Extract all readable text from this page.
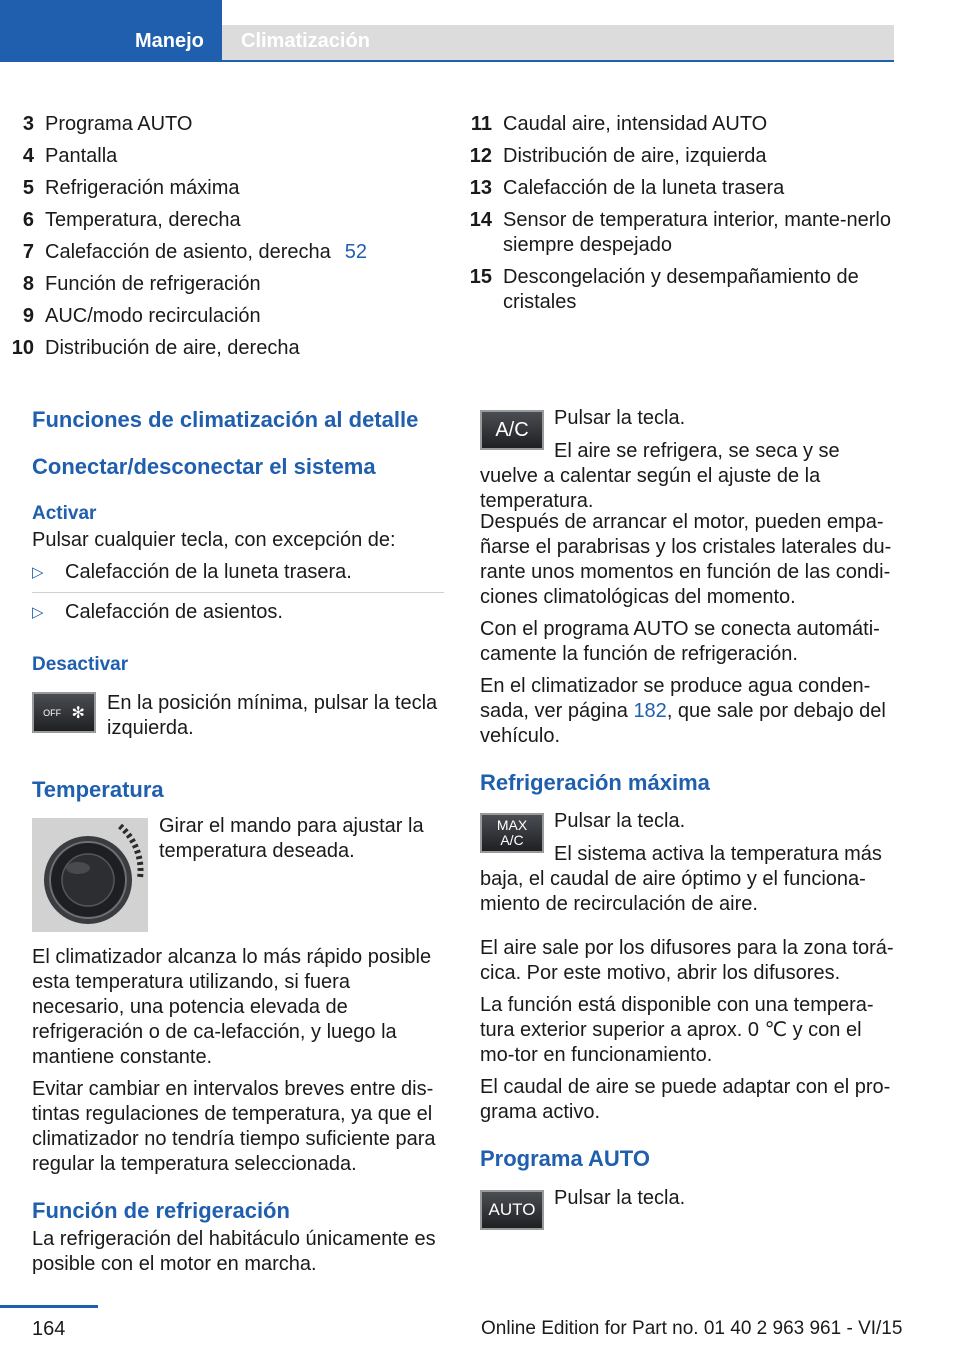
Manejo Climatización
3 Programa AUTO
4 Pantalla
5 Refrigeración máxima
6 Temperatura, derecha
7 Calefacción de asiento, derecha 52
8 Función de refrigeración
9 AUC/modo recirculación
10 Distribución de aire, derecha
11 Caudal aire, intensidad AUTO
12 Distribución de aire, izquierda
13 Calefacción de la luneta trasera
14 Sensor de temperatura interior, mante-nerlo siempre despejado
15 Descongelación y desempañamiento de cristales
Funciones de climatización al detalle
Conectar/desconectar el sistema
Activar

Pulsar cualquier tecla, con excepción de:

▷	Calefacción de la luneta trasera.
▷	Calefacción de asientos.
Desactivar
OFF ✻ En la posición mínima, pulsar la tecla izquierda.

Temperatura

Girar el mando para ajustar la temperatura deseada.

El climatizador alcanza lo más rápido posible esta temperatura utilizando, si fuera necesario, una potencia elevada de refrigeración o de ca-lefacción, y luego la mantiene constante.

Evitar cambiar en intervalos breves entre dis-tintas regulaciones de temperatura, ya que el climatizador no tendría tiempo suficiente para regular la temperatura seleccionada.

Función de refrigeración

La refrigeración del habitáculo únicamente es posible con el motor en marcha.

A/C

Pulsar la tecla.

El aire se refrigera, se seca y se vuelve a calentar según el ajuste de la temperatura.

Después de arrancar el motor, pueden empa-ñarse el parabrisas y los cristales laterales du-rante unos momentos en función de las condi-ciones climatológicas del momento.

Con el programa AUTO se conecta automáti-camente la función de refrigeración.

En el climatizador se produce agua conden-sada, ver página 182, que sale por debajo del vehículo.

Refrigeración máxima
MAX
A/C

Pulsar la tecla.

El sistema activa la temperatura más baja, el caudal de aire óptimo y el funciona-miento de recirculación de aire.

El aire sale por los difusores para la zona torá-cica. Por este motivo, abrir los difusores.

La función está disponible con una tempera-tura exterior superior a aprox. 0 ℃ y con el mo-tor en funcionamiento.

El caudal de aire se puede adaptar con el pro-grama activo.

Programa AUTO
AUTO

Pulsar la tecla.

164	Online Edition for Part no. 01 40 2 963 961 - VI/15
